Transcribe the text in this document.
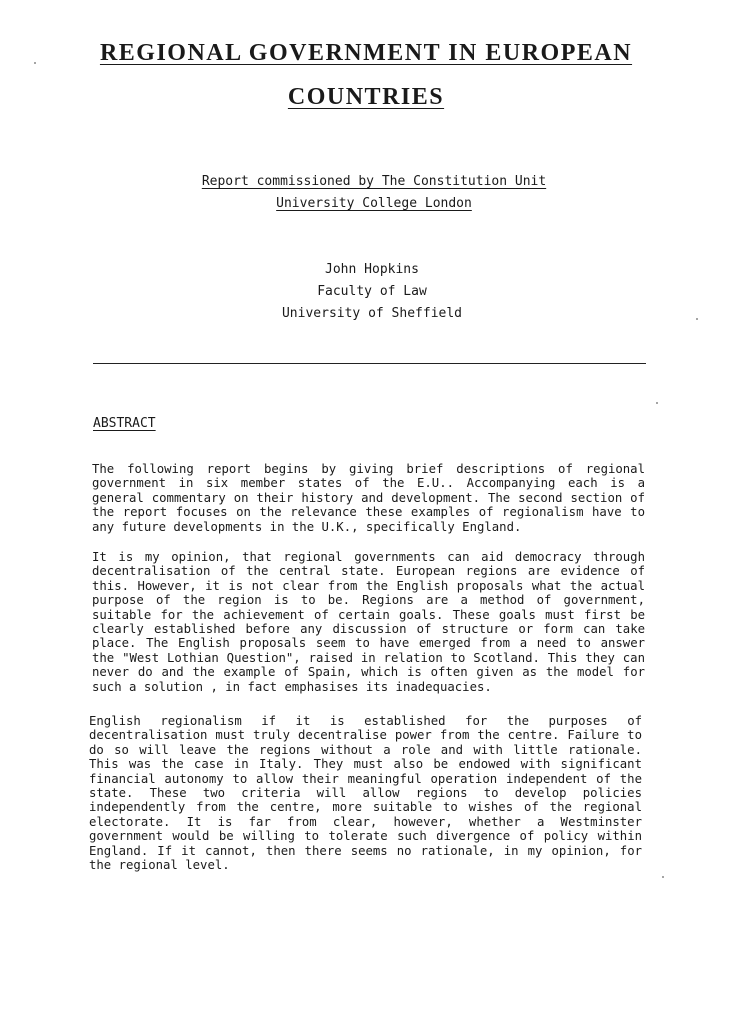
REGIONAL GOVERNMENT IN EUROPEAN
COUNTRIES

Report commissioned by The Constitution Unit

University College London

John Hopkins

Faculty of Law

University of Sheffield

ABSTRACT

The following report begins by giving brief descriptions of regional government in six member states of the E.U.. Accompanying each is a general commentary on their history and development. The second section of the report focuses on the relevance these examples of regionalism have to any future developments in the U.K., specifically England.

It is my opinion, that regional governments can aid democracy through decentralisation of the central state. European regions are evidence of this. However, it is not clear from the English proposals what the actual purpose of the region is to be. Regions are a method of government, suitable for the achievement of certain goals. These goals must first be clearly established before any discussion of structure or form can take place. The English proposals seem to have emerged from a need to answer the "West Lothian Question", raised in relation to Scotland. This they can never do and the example of Spain, which is often given as the model for such a solution , in fact emphasises its inadequacies.

English regionalism if it is established for the purposes of decentralisation must truly decentralise power from the centre. Failure to do so will leave the regions without a role and with little rationale. This was the case in Italy. They must also be endowed with significant financial autonomy to allow their meaningful operation independent of the state. These two criteria will allow regions to develop policies independently from the centre, more suitable to wishes of the regional electorate. It is far from clear, however, whether a Westminster government would be willing to tolerate such divergence of policy within England. If it cannot, then there seems no rationale, in my opinion, for the regional level.
